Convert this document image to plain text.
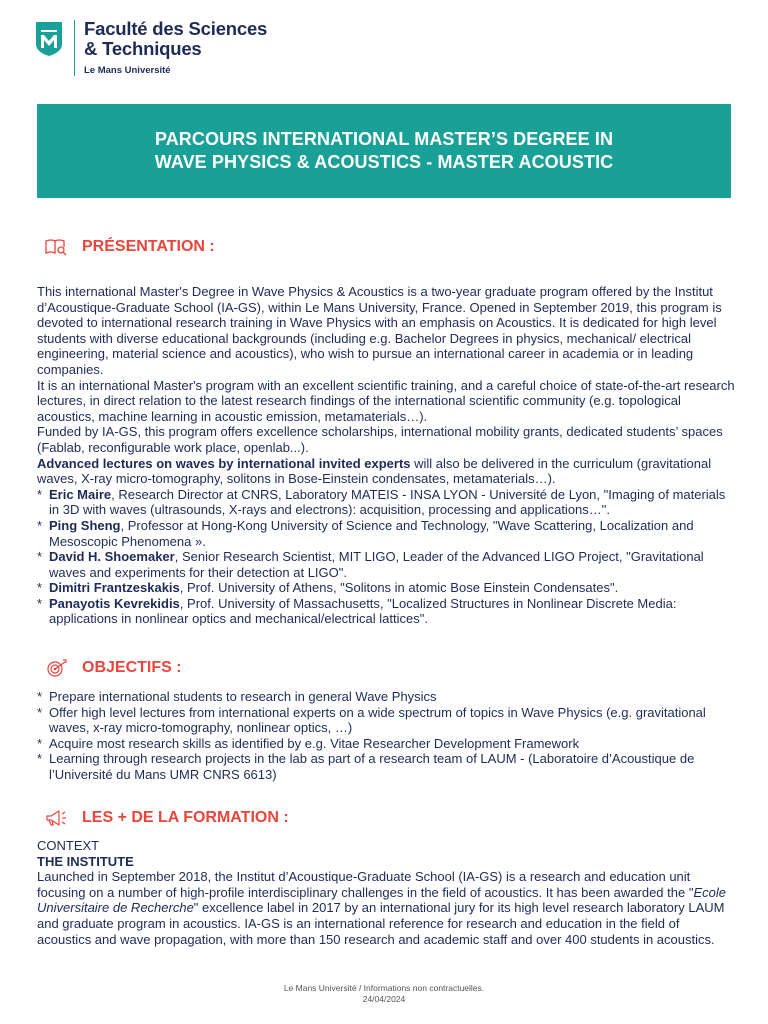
M Faculté des Sciences
& Techniques
Le Mans Université
PARCOURS INTERNATIONAL MASTER’S DEGREE IN
WAVE PHYSICS & ACOUSTICS - MASTER ACOUSTIC
PRÉSENTATION :

This international Master's Degree in Wave Physics & Acoustics is a two-year graduate program offered by the Institut d’Acoustique-Graduate School (IA-GS), within Le Mans University, France. Opened in September 2019, this program is devoted to international research training in Wave Physics with an emphasis on Acoustics. It is dedicated for high level students with diverse educational backgrounds (including e.g. Bachelor Degrees in physics, mechanical/ electrical engineering, material science and acoustics), who wish to pursue an international career in academia or in leading companies.

It is an international Master's program with an excellent scientific training, and a careful choice of state-of-the-art research lectures, in direct relation to the latest research findings of the international scientific community (e.g. topological acoustics, machine learning in acoustic emission, metamaterials…).

Funded by IA-GS, this program offers excellence scholarships, international mobility grants, dedicated students’ spaces (Fablab, reconfigurable work place, openlab...).

Advanced lectures on waves by international invited experts will also be delivered in the curriculum (gravitational waves, X-ray micro-tomography, solitons in Bose-Einstein condensates, metamaterials…).

* Eric Maire, Research Director at CNRS, Laboratory MATEIS - INSA LYON - Université de Lyon, "Imaging of materials in 3D with waves (ultrasounds, X-rays and electrons): acquisition, processing and applications…".
* Ping Sheng, Professor at Hong-Kong University of Science and Technology, "Wave Scattering, Localization and Mesoscopic Phenomena ».
* David H. Shoemaker, Senior Research Scientist, MIT LIGO, Leader of the Advanced LIGO Project, "Gravitational waves and experiments for their detection at LIGO".
* Dimitri Frantzeskakis, Prof. University of Athens, "Solitons in atomic Bose Einstein Condensates".
* Panayotis Kevrekidis, Prof. University of Massachusetts, "Localized Structures in Nonlinear Discrete Media: applications in nonlinear optics and mechanical/electrical lattices".
OBJECTIFS :
* Prepare international students to research in general Wave Physics
* Offer high level lectures from international experts on a wide spectrum of topics in Wave Physics (e.g. gravitational waves, x-ray micro-tomography, nonlinear optics, …)
* Acquire most research skills as identified by e.g. Vitae Researcher Development Framework
* Learning through research projects in the lab as part of a research team of LAUM - (Laboratoire d’Acoustique de l’Université du Mans UMR CNRS 6613)
LES + DE LA FORMATION :

CONTEXT

THE INSTITUTE

Launched in September 2018, the Institut d’Acoustique-Graduate School (IA-GS) is a research and education unit focusing on a number of high-profile interdisciplinary challenges in the field of acoustics. It has been awarded the "Ecole Universitaire de Recherche" excellence label in 2017 by an international jury for its high level research laboratory LAUM and graduate program in acoustics. IA-GS is an international reference for research and education in the field of acoustics and wave propagation, with more than 150 research and academic staff and over 400 students in acoustics.

Le Mans Université / Informations non contractuelles.
24/04/2024
